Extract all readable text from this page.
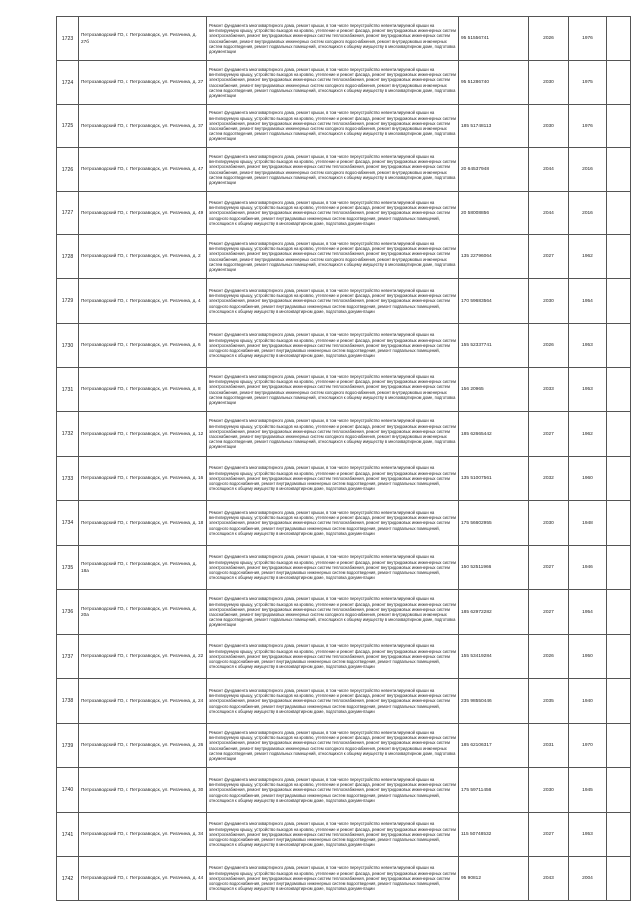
1723	Петрозаводский ГО, г. Петрозаводск, ул. Ригачина, д. 27б	Ремонт фундамента многоквартирного дома, ремонт крыши, в том числе переустройство невентилируемой крыши на вентилируемую крышу, устройство выходов на кровлю, утепление и ремонт фасада, ремонт внутридомовых инженерных систем электроснабжения, ремонт внутридомовых инженерных систем теплоснабжения, ремонт внутридомовых инженерных систем газоснабжения, ремонт внутридомовых инженерных систем холодного водоснабжения, ремонт внутридомовых инженерных систем водоотведения, ремонт подвальных помещений, относящихся к общему имуществу в многоквартирном доме, подготовка документации	95 51556741	2026	1976	
1724	Петрозаводский ГО, г. Петрозаводск, ул. Ригачина, д. 27	Ремонт фундамента многоквартирного дома, ремонт крыши, в том числе переустройство невентилируемой крыши на вентилируемую крышу, устройство выходов на кровлю, утепление и ремонт фасада, ремонт внутридомовых инженерных систем электроснабжения, ремонт внутридомовых инженерных систем теплоснабжения, ремонт внутридомовых инженерных систем газоснабжения, ремонт внутридомовых инженерных систем холодного водоснабжения, ремонт внутридомовых инженерных систем водоотведения, ремонт подвальных помещений, относящихся к общему имуществу в многоквартирном доме, подготовка документации	95 51286740	2030	1975	
1725	Петрозаводский ГО, г. Петрозаводск, ул. Ригачина, д. 37	Ремонт фундамента многоквартирного дома, ремонт крыши, в том числе переустройство невентилируемой крыши на вентилируемую крышу, устройство выходов на кровлю, утепление и ремонт фасада, ремонт внутридомовых инженерных систем электроснабжения, ремонт внутридомовых инженерных систем теплоснабжения, ремонт внутридомовых инженерных систем газоснабжения, ремонт внутридомовых инженерных систем холодного водоснабжения, ремонт внутридомовых инженерных систем водоотведения, ремонт подвальных помещений, относящихся к общему имуществу в многоквартирном доме, подготовка документации	185 51748113	2030	1976	
1726	Петрозаводский ГО, г. Петрозаводск, ул. Ригачина, д. 47	Ремонт фундамента многоквартирного дома, ремонт крыши, в том числе переустройство невентилируемой крыши на вентилируемую крышу, устройство выходов на кровлю, утепление и ремонт фасада, ремонт внутридомовых инженерных систем электроснабжения, ремонт внутридомовых инженерных систем теплоснабжения, ремонт внутридомовых инженерных систем газоснабжения, ремонт внутридомовых инженерных систем холодного водоснабжения, ремонт внутридомовых инженерных систем водоотведения, ремонт подвальных помещений, относящихся к общему имуществу в многоквартирном доме, подготовка документации	20 64537948	2044	2016	
1727	Петрозаводский ГО, г. Петрозаводск, ул. Ригачина, д. 49	Ремонт фундамента многоквартирного дома, ремонт крыши, в том числе переустройство невентилируемой крыши на вентилируемую крышу, устройство выходов на кровлю, утепление и ремонт фасада, ремонт внутридомовых инженерных систем электроснабжения, ремонт внутридомовых инженерных систем теплоснабжения, ремонт внутридомовых инженерных систем холодного водоснабжения, ремонт внутридомовых инженерных систем водоотведения, ремонт подвальных помещений, относящихся к общему имуществу в многоквартирном доме, подготовка документации	20 58008856	2044	2016	
1728	Петрозаводский ГО, г. Петрозаводск, ул. Ригачина, д. 2	Ремонт фундамента многоквартирного дома, ремонт крыши, в том числе переустройство невентилируемой крыши на вентилируемую крышу, устройство выходов на кровлю, утепление и ремонт фасада, ремонт внутридомовых инженерных систем электроснабжения, ремонт внутридомовых инженерных систем теплоснабжения, ремонт внутридомовых инженерных систем газоснабжения, ремонт внутридомовых инженерных систем холодного водоснабжения, ремонт внутридомовых инженерных систем водоотведения, ремонт подвальных помещений, относящихся к общему имуществу в многоквартирном доме, подготовка документации	135 22796064	2027	1962	
1729	Петрозаводский ГО, г. Петрозаводск, ул. Ригачина, д. 4	Ремонт фундамента многоквартирного дома, ремонт крыши, в том числе переустройство невентилируемой крыши на вентилируемую крышу, устройство выходов на кровлю, утепление и ремонт фасада, ремонт внутридомовых инженерных систем электроснабжения, ремонт внутридомовых инженерных систем теплоснабжения, ремонт внутридомовых инженерных систем холодного водоснабжения, ремонт внутридомовых инженерных систем водоотведения, ремонт подвальных помещений, относящихся к общему имуществу в многоквартирном доме, подготовка документации	170 59683564	2030	1954	
1730	Петрозаводский ГО, г. Петрозаводск, ул. Ригачина, д. 6	Ремонт фундамента многоквартирного дома, ремонт крыши, в том числе переустройство невентилируемой крыши на вентилируемую крышу, устройство выходов на кровлю, утепление и ремонт фасада, ремонт внутридомовых инженерных систем электроснабжения, ремонт внутридомовых инженерных систем теплоснабжения, ремонт внутридомовых инженерных систем холодного водоснабжения, ремонт внутридомовых инженерных систем водоотведения, ремонт подвальных помещений, относящихся к общему имуществу в многоквартирном доме, подготовка документации	155 52337741	2026	1953	
1731	Петрозаводский ГО, г. Петрозаводск, ул. Ригачина, д. 8	Ремонт фундамента многоквартирного дома, ремонт крыши, в том числе переустройство невентилируемой крыши на вентилируемую крышу, устройство выходов на кровлю, утепление и ремонт фасада, ремонт внутридомовых инженерных систем электроснабжения, ремонт внутридомовых инженерных систем теплоснабжения, ремонт внутридомовых инженерных систем газоснабжения, ремонт внутридомовых инженерных систем холодного водоснабжения, ремонт внутридомовых инженерных систем водоотведения, ремонт подвальных помещений, относящихся к общему имуществу в многоквартирном доме, подготовка документации	156 20965	2033	1953	
1732	Петрозаводский ГО, г. Петрозаводск, ул. Ригачина, д. 12	Ремонт фундамента многоквартирного дома, ремонт крыши, в том числе переустройство невентилируемой крыши на вентилируемую крышу, устройство выходов на кровлю, утепление и ремонт фасада, ремонт внутридомовых инженерных систем электроснабжения, ремонт внутридомовых инженерных систем теплоснабжения, ремонт внутридомовых инженерных систем газоснабжения, ремонт внутридомовых инженерных систем холодного водоснабжения, ремонт внутридомовых инженерных систем водоотведения, ремонт подвальных помещений, относящихся к общему имуществу в многоквартирном доме, подготовка документации	185 62665442	2027	1962	
1733	Петрозаводский ГО, г. Петрозаводск, ул. Ригачина, д. 16	Ремонт фундамента многоквартирного дома, ремонт крыши, в том числе переустройство невентилируемой крыши на вентилируемую крышу, устройство выходов на кровлю, утепление и ремонт фасада, ремонт внутридомовых инженерных систем электроснабжения, ремонт внутридомовых инженерных систем теплоснабжения, ремонт внутридомовых инженерных систем холодного водоснабжения, ремонт внутридомовых инженерных систем водоотведения, ремонт подвальных помещений, относящихся к общему имуществу в многоквартирном доме, подготовка документации	135 51007561	2032	1960	
1734	Петрозаводский ГО, г. Петрозаводск, ул. Ригачина, д. 18	Ремонт фундамента многоквартирного дома, ремонт крыши, в том числе переустройство невентилируемой крыши на вентилируемую крышу, устройство выходов на кровлю, утепление и ремонт фасада, ремонт внутридомовых инженерных систем электроснабжения, ремонт внутридомовых инженерных систем теплоснабжения, ремонт внутридомовых инженерных систем холодного водоснабжения, ремонт внутридомовых инженерных систем водоотведения, ремонт подвальных помещений, относящихся к общему имуществу в многоквартирном доме, подготовка документации	175 56602955	2030	1948	
1735	Петрозаводский ГО, г. Петрозаводск, ул. Ригачина, д. 18а	Ремонт фундамента многоквартирного дома, ремонт крыши, в том числе переустройство невентилируемой крыши на вентилируемую крышу, устройство выходов на кровлю, утепление и ремонт фасада, ремонт внутридомовых инженерных систем электроснабжения, ремонт внутридомовых инженерных систем теплоснабжения, ремонт внутридомовых инженерных систем холодного водоснабжения, ремонт внутридомовых инженерных систем водоотведения, ремонт подвальных помещений, относящихся к общему имуществу в многоквартирном доме, подготовка документации	150 52511966	2027	1946	
1736	Петрозаводский ГО, г. Петрозаводск, ул. Ригачина, д. 20а	Ремонт фундамента многоквартирного дома, ремонт крыши, в том числе переустройство невентилируемой крыши на вентилируемую крышу, устройство выходов на кровлю, утепление и ремонт фасада, ремонт внутридомовых инженерных систем электроснабжения, ремонт внутридомовых инженерных систем теплоснабжения, ремонт внутридомовых инженерных систем газоснабжения, ремонт внутридомовых инженерных систем холодного водоснабжения, ремонт внутридомовых инженерных систем водоотведения, ремонт подвальных помещений, относящихся к общему имуществу в многоквартирном доме, подготовка документации	185 62972282	2027	1954	
1737	Петрозаводский ГО, г. Петрозаводск, ул. Ригачина, д. 22	Ремонт фундамента многоквартирного дома, ремонт крыши, в том числе переустройство невентилируемой крыши на вентилируемую крышу, устройство выходов на кровлю, утепление и ремонт фасада, ремонт внутридомовых инженерных систем электроснабжения, ремонт внутридомовых инженерных систем теплоснабжения, ремонт внутридомовых инженерных систем холодного водоснабжения, ремонт внутридомовых инженерных систем водоотведения, ремонт подвальных помещений, относящихся к общему имуществу в многоквартирном доме, подготовка документации	155 53419284	2026	1950	
1738	Петрозаводский ГО, г. Петрозаводск, ул. Ригачина, д. 24	Ремонт фундамента многоквартирного дома, ремонт крыши, в том числе переустройство невентилируемой крыши на вентилируемую крышу, устройство выходов на кровлю, утепление и ремонт фасада, ремонт внутридомовых инженерных систем электроснабжения, ремонт внутридомовых инженерных систем теплоснабжения, ремонт внутридомовых инженерных систем холодного водоснабжения, ремонт внутридомовых инженерных систем водоотведения, ремонт подвальных помещений, относящихся к общему имуществу в многоквартирном доме, подготовка документации	235 98550446	2035	1940	
1739	Петрозаводский ГО, г. Петрозаводск, ул. Ригачина, д. 26	Ремонт фундамента многоквартирного дома, ремонт крыши, в том числе переустройство невентилируемой крыши на вентилируемую крышу, устройство выходов на кровлю, утепление и ремонт фасада, ремонт внутридомовых инженерных систем электроснабжения, ремонт внутридомовых инженерных систем теплоснабжения, ремонт внутридомовых инженерных систем газоснабжения, ремонт внутридомовых инженерных систем холодного водоснабжения, ремонт внутридомовых инженерных систем водоотведения, ремонт подвальных помещений, относящихся к общему имуществу в многоквартирном доме, подготовка документации	185 62106317	2031	1970	
1740	Петрозаводский ГО, г. Петрозаводск, ул. Ригачина, д. 30	Ремонт фундамента многоквартирного дома, ремонт крыши, в том числе переустройство невентилируемой крыши на вентилируемую крышу, устройство выходов на кровлю, утепление и ремонт фасада, ремонт внутридомовых инженерных систем электроснабжения, ремонт внутридомовых инженерных систем теплоснабжения, ремонт внутридомовых инженерных систем холодного водоснабжения, ремонт внутридомовых инженерных систем водоотведения, ремонт подвальных помещений, относящихся к общему имуществу в многоквартирном доме, подготовка документации	175 59711456	2030	1945	
1741	Петрозаводский ГО, г. Петрозаводск, ул. Ригачина, д. 34	Ремонт фундамента многоквартирного дома, ремонт крыши, в том числе переустройство невентилируемой крыши на вентилируемую крышу, устройство выходов на кровлю, утепление и ремонт фасада, ремонт внутридомовых инженерных систем электроснабжения, ремонт внутридомовых инженерных систем теплоснабжения, ремонт внутридомовых инженерных систем холодного водоснабжения, ремонт внутридомовых инженерных систем водоотведения, ремонт подвальных помещений, относящихся к общему имуществу в многоквартирном доме, подготовка документации	115 50748532	2027	1953	
1742	Петрозаводский ГО, г. Петрозаводск, ул. Ригачина, д. 44	Ремонт фундамента многоквартирного дома, ремонт крыши, в том числе переустройство невентилируемой крыши на вентилируемую крышу, устройство выходов на кровлю, утепление и ремонт фасада, ремонт внутридомовых инженерных систем электроснабжения, ремонт внутридомовых инженерных систем теплоснабжения, ремонт внутридомовых инженерных систем холодного водоснабжения, ремонт внутридомовых инженерных систем водоотведения, ремонт подвальных помещений, относящихся к общему имуществу в многоквартирном доме, подготовка документации	95 90812	2043	2004	
